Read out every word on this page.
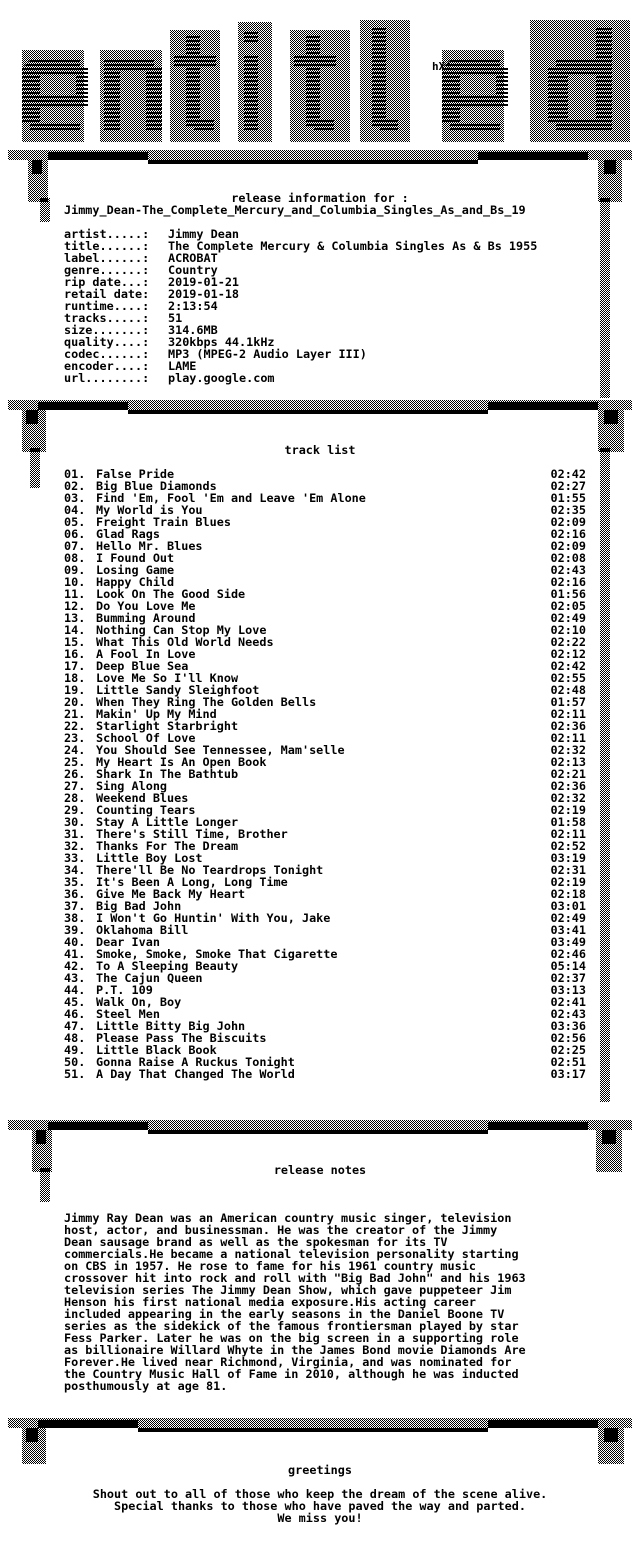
hX!
release information for :
Jimmy_Dean-The_Complete_Mercury_and_Columbia_Singles_As_and_Bs_19
artist.....:	Jimmy Dean
title......:	The Complete Mercury & Columbia Singles As & Bs 1955
label......:	ACROBAT
genre......:	Country
rip date...:	2019-01-21
retail date:	2019-01-18
runtime....:	2:13:54
tracks.....:	51
size.......:	314.6MB
quality....:	320kbps 44.1kHz
codec......:	MP3 (MPEG-2 Audio Layer III)
encoder....:	LAME
url........:	play.google.com
track list
01. False Pride	02:42
02. Big Blue Diamonds	02:27
03. Find 'Em, Fool 'Em and Leave 'Em Alone	01:55
04. My World is You	02:35
05. Freight Train Blues	02:09
06. Glad Rags	02:16
07. Hello Mr. Blues	02:09
08. I Found Out	02:08
09. Losing Game	02:43
10. Happy Child	02:16
11. Look On The Good Side	01:56
12. Do You Love Me	02:05
13. Bumming Around	02:49
14. Nothing Can Stop My Love	02:10
15. What This Old World Needs	02:22
16. A Fool In Love	02:12
17. Deep Blue Sea	02:42
18. Love Me So I'll Know	02:55
19. Little Sandy Sleighfoot	02:48
20. When They Ring The Golden Bells	01:57
21. Makin' Up My Mind	02:11
22. Starlight Starbright	02:36
23. School Of Love	02:11
24. You Should See Tennessee, Mam'selle	02:32
25. My Heart Is An Open Book	02:13
26. Shark In The Bathtub	02:21
27. Sing Along	02:36
28. Weekend Blues	02:32
29. Counting Tears	02:19
30. Stay A Little Longer	01:58
31. There's Still Time, Brother	02:11
32. Thanks For The Dream	02:52
33. Little Boy Lost	03:19
34. There'll Be No Teardrops Tonight	02:31
35. It's Been A Long, Long Time	02:19
36. Give Me Back My Heart	02:18
37. Big Bad John	03:01
38. I Won't Go Huntin' With You, Jake	02:49
39. Oklahoma Bill	03:41
40. Dear Ivan	03:49
41. Smoke, Smoke, Smoke That Cigarette	02:46
42. To A Sleeping Beauty	05:14
43. The Cajun Queen	02:37
44. P.T. 109	03:13
45. Walk On, Boy	02:41
46. Steel Men	02:43
47. Little Bitty Big John	03:36
48. Please Pass The Biscuits	02:56
49. Little Black Book	02:25
50. Gonna Raise A Ruckus Tonight	02:51
51. A Day That Changed The World	03:17
release notes
Jimmy Ray Dean was an American country music singer, television
host, actor, and businessman. He was the creator of the Jimmy
Dean sausage brand as well as the spokesman for its TV
commercials.He became a national television personality starting
on CBS in 1957. He rose to fame for his 1961 country music
crossover hit into rock and roll with "Big Bad John" and his 1963
television series The Jimmy Dean Show, which gave puppeteer Jim
Henson his first national media exposure.His acting career
included appearing in the early seasons in the Daniel Boone TV
series as the sidekick of the famous frontiersman played by star
Fess Parker. Later he was on the big screen in a supporting role
as billionaire Willard Whyte in the James Bond movie Diamonds Are
Forever.He lived near Richmond, Virginia, and was nominated for
the Country Music Hall of Fame in 2010, although he was inducted
posthumously at age 81.
greetings
Shout out to all of those who keep the dream of the scene alive.
Special thanks to those who have paved the way and parted.
We miss you!
